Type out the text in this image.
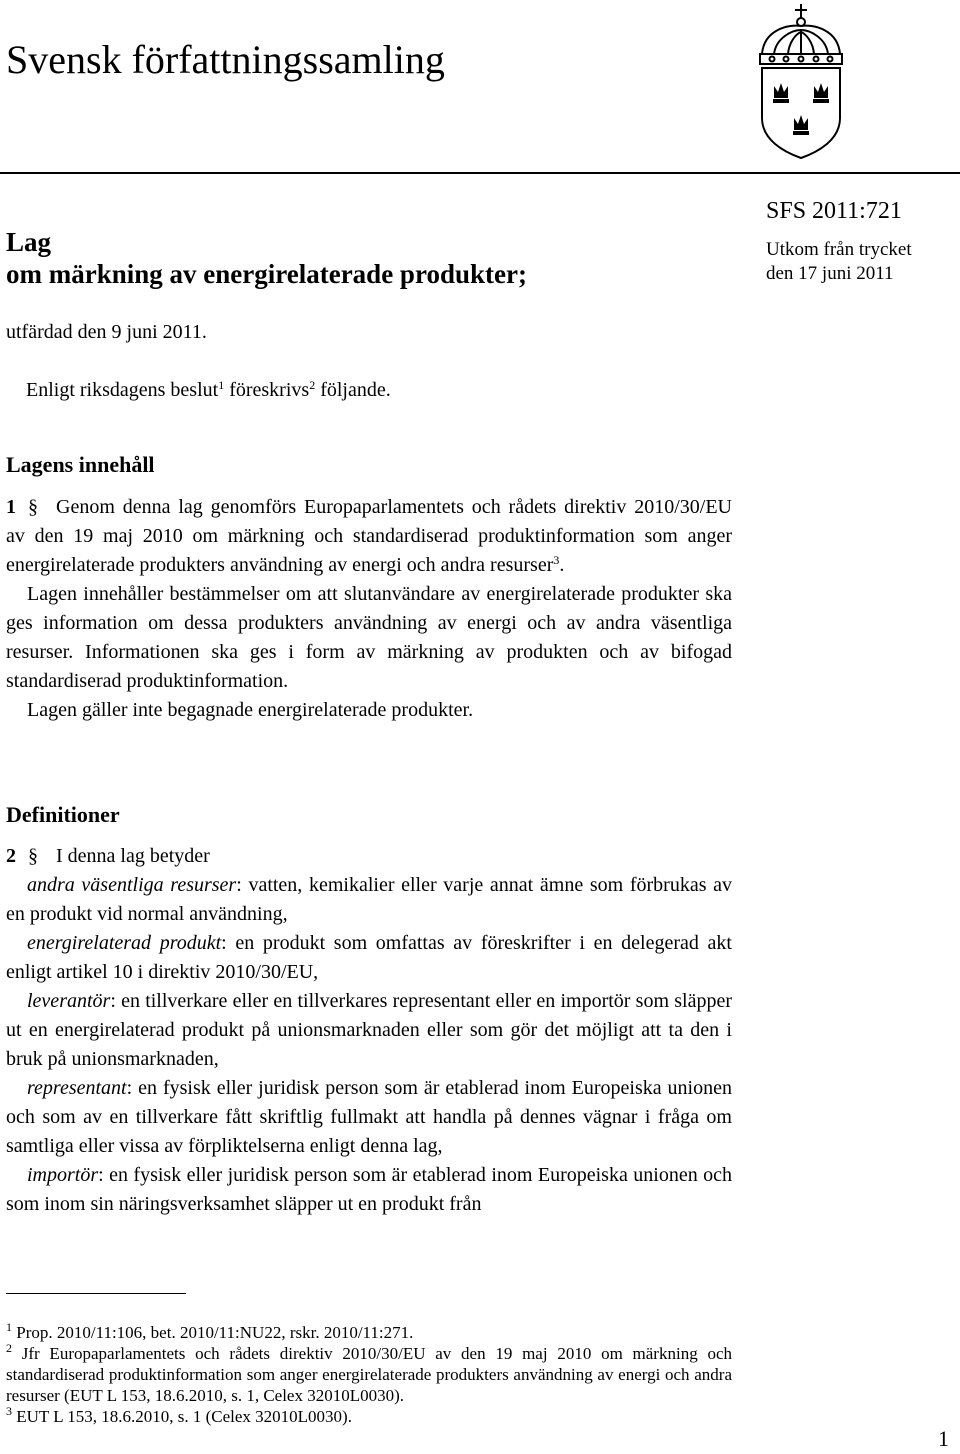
Svensk författningssamling
Lag
om märkning av energirelaterade produkter;
SFS 2011:721
Utkom från trycket
den 17 juni 2011
utfärdad den 9 juni 2011.
Enligt riksdagens beslut$^1$ föreskrivs$^2$ följande.
Lagens innehåll

1 § Genom denna lag genomförs Europaparlamentets och rådets direktiv 2010/30/EU av den 19 maj 2010 om märkning och standardiserad produktinformation som anger energirelaterade produkters användning av energi och andra resurser$^3$.

Lagen innehåller bestämmelser om att slutanvändare av energirelaterade produkter ska ges information om dessa produkters användning av energi och av andra väsentliga resurser. Informationen ska ges i form av märkning av produkten och av bifogad standardiserad produktinformation.

Lagen gäller inte begagnade energirelaterade produkter.

Definitioner

2 § I denna lag betyder

andra väsentliga resurser: vatten, kemikalier eller varje annat ämne som förbrukas av en produkt vid normal användning,

energirelaterad produkt: en produkt som omfattas av föreskrifter i en delegerad akt enligt artikel 10 i direktiv 2010/30/EU,

leverantör: en tillverkare eller en tillverkares representant eller en importör som släpper ut en energirelaterad produkt på unionsmarknaden eller som gör det möjligt att ta den i bruk på unionsmarknaden,

representant: en fysisk eller juridisk person som är etablerad inom Europeiska unionen och som av en tillverkare fått skriftlig fullmakt att handla på dennes vägnar i fråga om samtliga eller vissa av förpliktelserna enligt denna lag,

importör: en fysisk eller juridisk person som är etablerad inom Europeiska unionen och som inom sin näringsverksamhet släpper ut en produkt från

$^1$ Prop. 2010/11:106, bet. 2010/11:NU22, rskr. 2010/11:271.

$^2$ Jfr Europaparlamentets och rådets direktiv 2010/30/EU av den 19 maj 2010 om märkning och standardiserad produktinformation som anger energirelaterade produkters användning av energi och andra resurser (EUT L 153, 18.6.2010, s. 1, Celex 32010L0030).

$^3$ EUT L 153, 18.6.2010, s. 1 (Celex 32010L0030).

1
